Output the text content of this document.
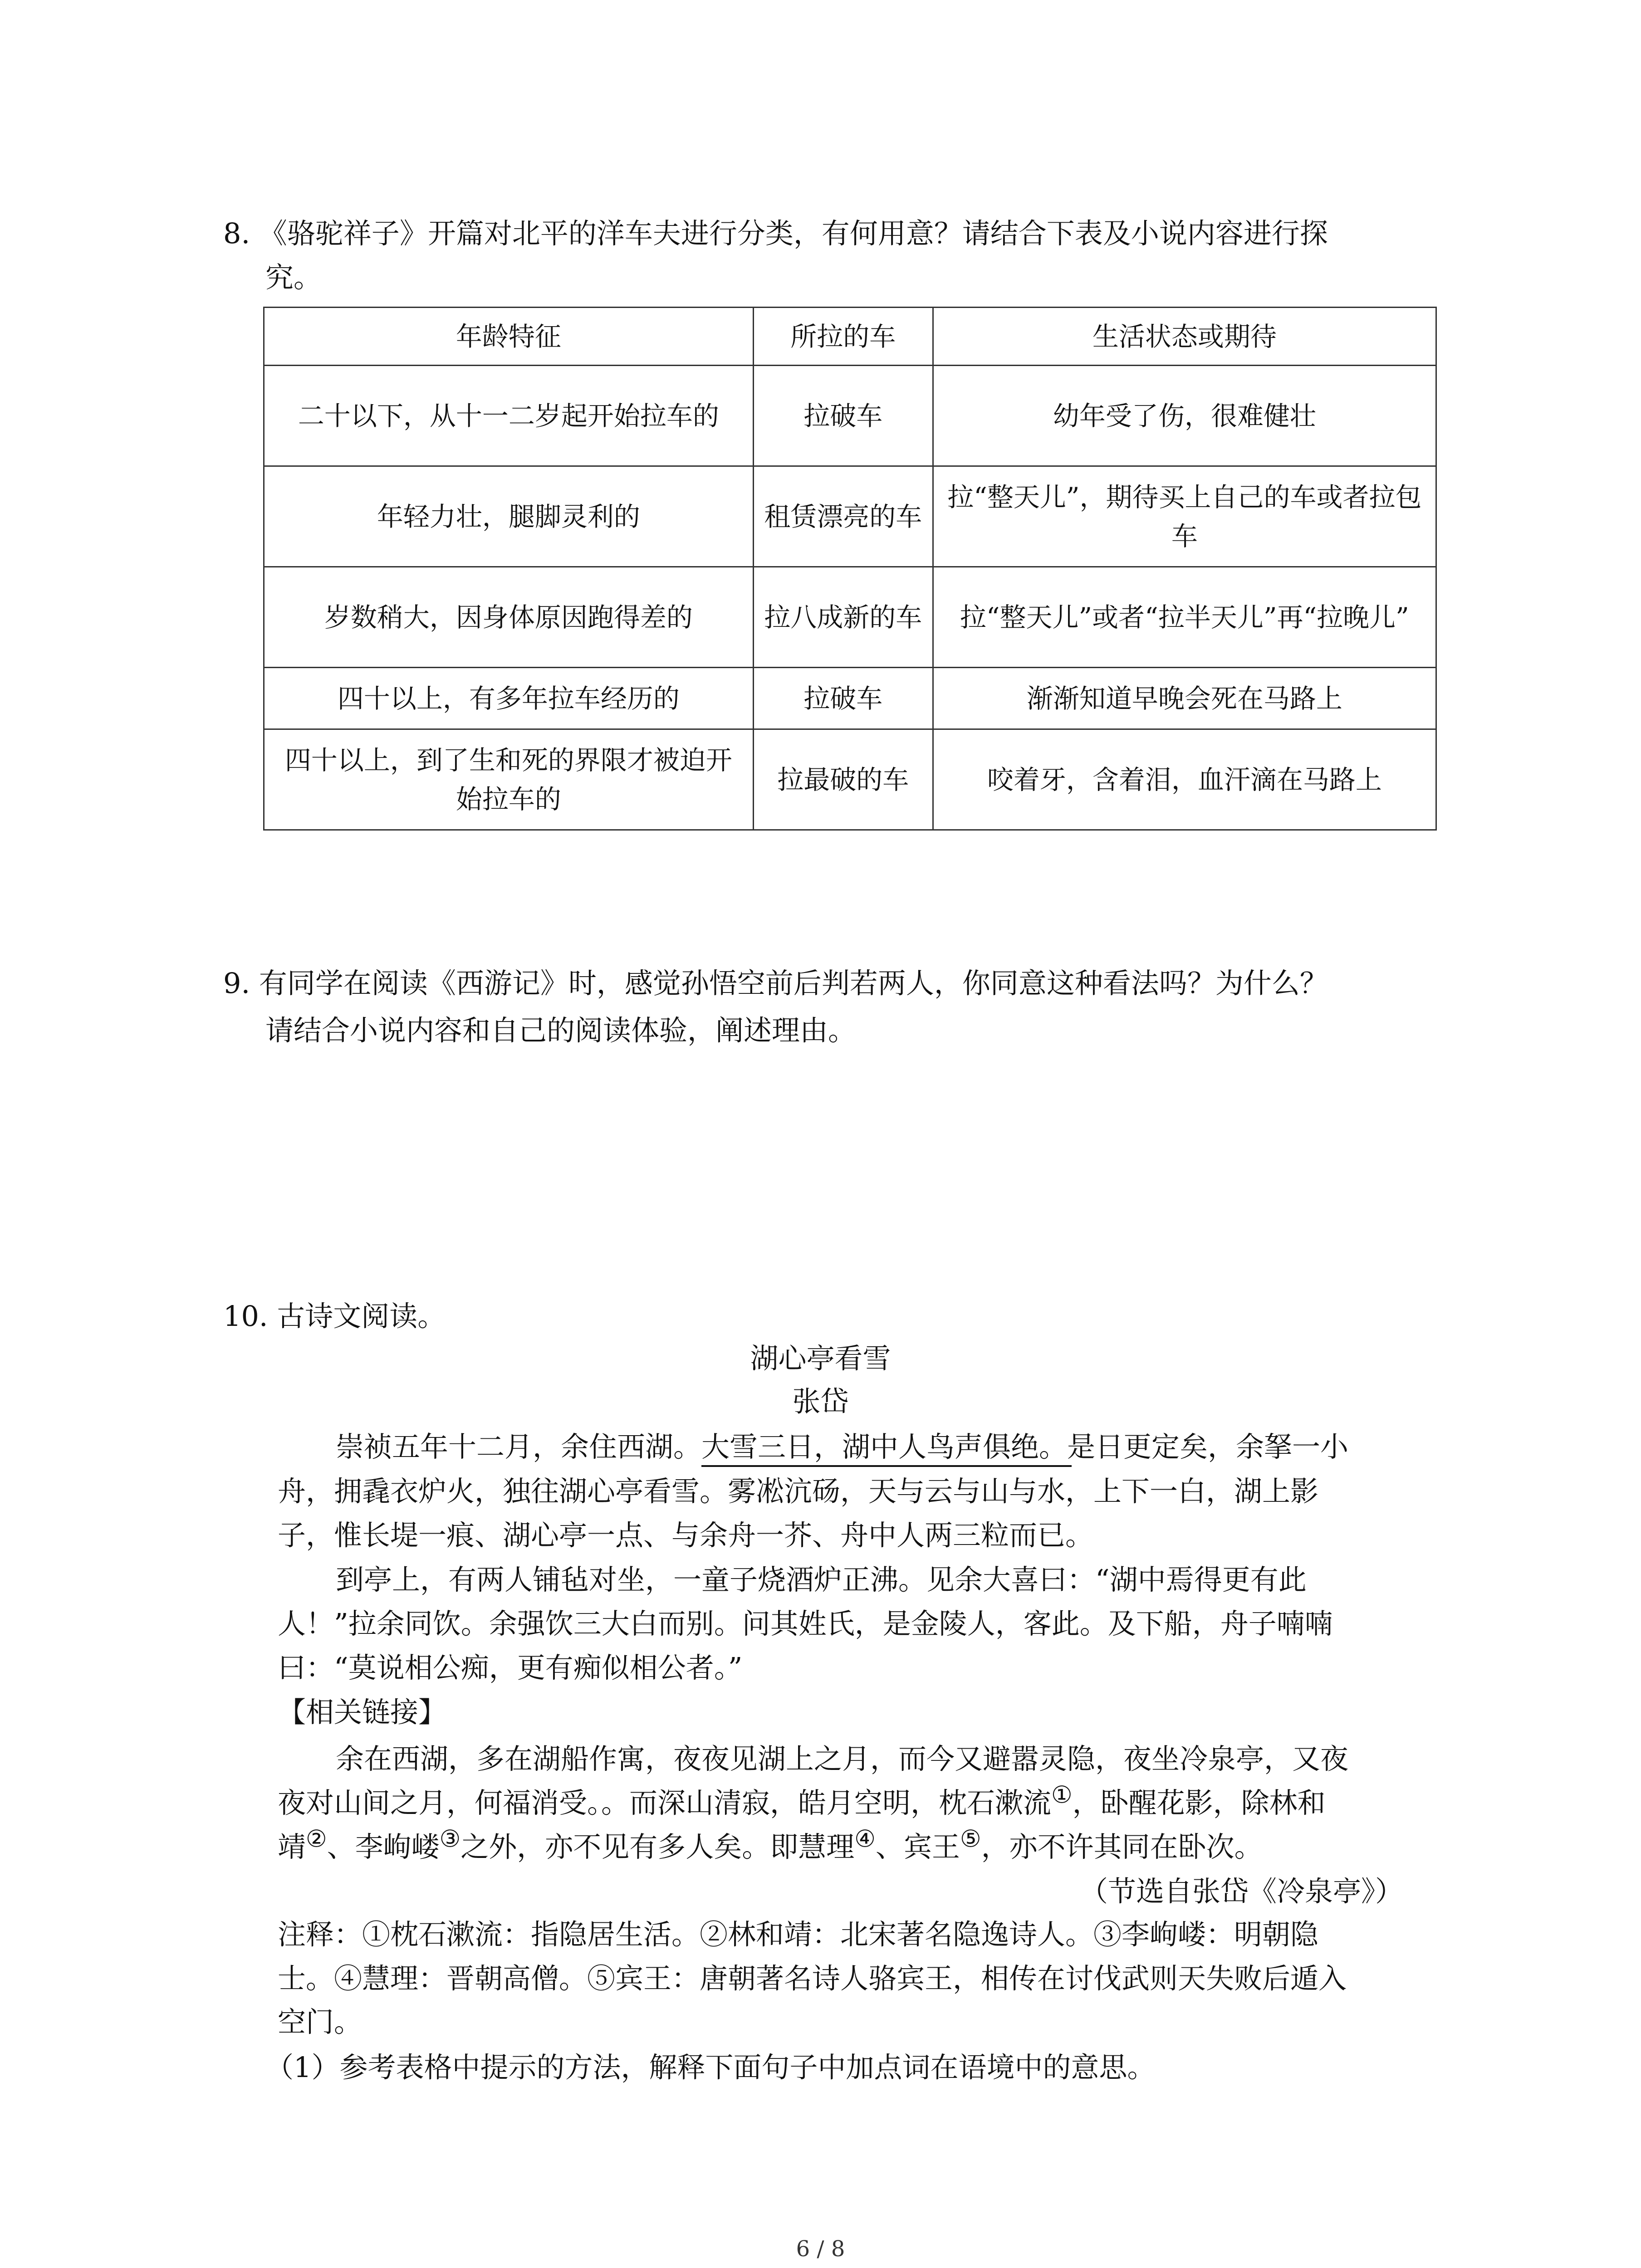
8. 《骆驼祥子》开篇对北平的洋车夫进行分类，有何用意？请结合下表及小说内容进行探
究。
年龄特征	所拉的车	生活状态或期待
二十以下，从十一二岁起开始拉车的	拉破车	幼年受了伤，很难健壮
年轻力壮，腿脚灵利的	租赁漂亮的车	拉“整天儿”，期待买上自己的车或者拉包车
岁数稍大，因身体原因跑得差的	拉八成新的车	拉“整天儿”或者“拉半天儿”再“拉晚儿”
四十以上，有多年拉车经历的	拉破车	渐渐知道早晚会死在马路上
四十以上，到了生和死的界限才被迫开始拉车的	拉最破的车	咬着牙，含着泪，血汗滴在马路上
9. 有同学在阅读《西游记》时，感觉孙悟空前后判若两人，你同意这种看法吗？为什么？
请结合小说内容和自己的阅读体验，阐述理由。
10. 古诗文阅读。
湖心亭看雪
张岱
崇祯五年十二月，余住西湖。大雪三日，湖中人鸟声俱绝。是日更定矣，余拏一小
舟，拥毳衣炉火，独往湖心亭看雪。雾凇沆砀，天与云与山与水，上下一白，湖上影
子，惟长堤一痕、湖心亭一点、与余舟一芥、舟中人两三粒而已。
到亭上，有两人铺毡对坐，一童子烧酒炉正沸。见余大喜曰：“湖中焉得更有此
人！”拉余同饮。余强饮三大白而别。问其姓氏，是金陵人，客此。及下船，舟子喃喃
曰：“莫说相公痴，更有痴似相公者。”
【相关链接】
余在西湖，多在湖船作寓，夜夜见湖上之月，而今又避嚣灵隐，夜坐冷泉亭，又夜
夜对山间之月，何福消受。。而深山清寂，皓月空明，枕石漱流①，卧醒花影，除林和
靖②、李岣嵝③之外，亦不见有多人矣。即慧理④、宾王⑤，亦不许其同在卧次。
（节选自张岱《冷泉亭》）
注释：①枕石漱流：指隐居生活。②林和靖：北宋著名隐逸诗人。③李岣嵝：明朝隐
士。④慧理：晋朝高僧。⑤宾王：唐朝著名诗人骆宾王，相传在讨伐武则天失败后遁入
空门。
（1）参考表格中提示的方法，解释下面句子中加点词在语境中的意思。
6 / 8
